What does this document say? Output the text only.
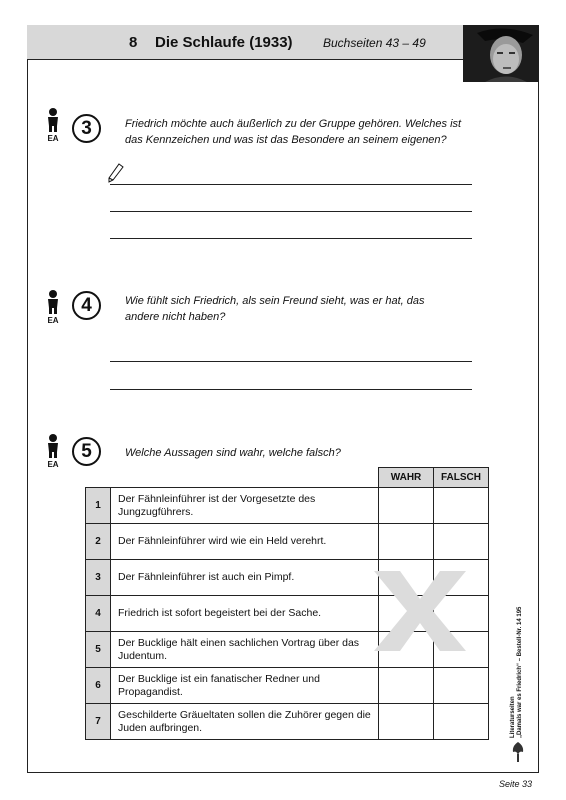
8 Die Schlaufe (1933)	Buchseiten 43 – 49
EA	3	Friedrich möchte auch äußerlich zu der Gruppe gehören. Welches ist das Kennzeichen und was ist das Besondere an seinem eigenen?
EA
4	Wie fühlt sich Friedrich, als sein Freund sieht, was er hat, das andere nicht haben?
EA
5	Welche Aussagen sind wahr, welche falsch?
		WAHR	FALSCH
1	Der Fähnleinführer ist der Vorgesetzte des Jungzugführers.		
2	Der Fähnleinführer wird wie ein Held verehrt.		
3	Der Fähnleinführer ist auch ein Pimpf.		
4	Friedrich ist sofort begeistert bei der Sache.		
5	Der Bucklige hält einen sachlichen Vortrag über das Judentum.		
6	Der Bucklige ist ein fanatischer Redner und Propagandist.		
7	Geschilderte Gräueltaten sollen die Zuhörer gegen die Juden aufbringen.			Literaturseiten „Damals war es Friedrich“ – Bestell-Nr. 14 195
Seite 33
